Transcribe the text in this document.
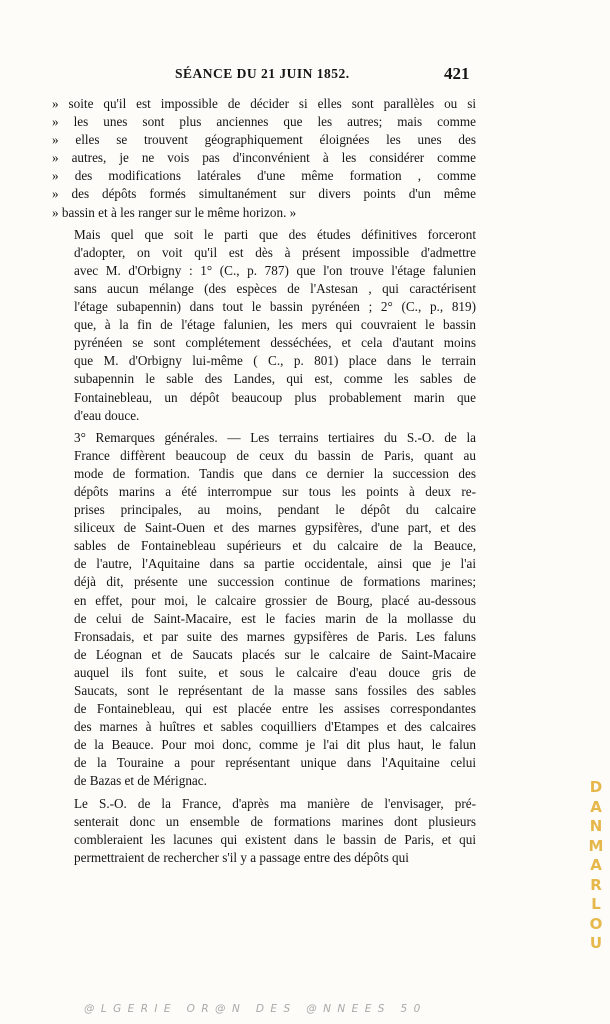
SÉANCE DU 21 JUIN 1852.	421

» soite qu'il est impossible de décider si elles sont parallèles ou si
» les unes sont plus anciennes que les autres; mais comme
» elles se trouvent géographiquement éloignées les unes des
» autres, je ne vois pas d'inconvénient à les considérer comme
» des modifications latérales d'une même formation , comme
» des dépôts formés simultanément sur divers points d'un même
» bassin et à les ranger sur le même horizon. »

Mais quel que soit le parti que des études définitives forceront
d'adopter, on voit qu'il est dès à présent impossible d'admettre
avec M. d'Orbigny : 1° (C., p. 787) que l'on trouve l'étage falunien
sans aucun mélange (des espèces de l'Astesan , qui caractérisent
l'étage subapennin) dans tout le bassin pyrénéen ; 2° (C., p., 819)
que, à la fin de l'étage falunien, les mers qui couvraient le bassin
pyrénéen se sont complétement desséchées, et cela d'autant moins
que M. d'Orbigny lui-même ( C., p. 801) place dans le terrain
subapennin le sable des Landes, qui est, comme les sables de
Fontainebleau, un dépôt beaucoup plus probablement marin que
d'eau douce.

3° Remarques générales. — Les terrains tertiaires du S.-O. de la
France diffèrent beaucoup de ceux du bassin de Paris, quant au
mode de formation. Tandis que dans ce dernier la succession des
dépôts marins a été interrompue sur tous les points à deux re-
prises principales, au moins, pendant le dépôt du calcaire
siliceux de Saint-Ouen et des marnes gypsifères, d'une part, et des
sables de Fontainebleau supérieurs et du calcaire de la Beauce,
de l'autre, l'Aquitaine dans sa partie occidentale, ainsi que je l'ai
déjà dit, présente une succession continue de formations marines;
en effet, pour moi, le calcaire grossier de Bourg, placé au-dessous
de celui de Saint-Macaire, est le facies marin de la mollasse du
Fronsadais, et par suite des marnes gypsifères de Paris. Les faluns
de Léognan et de Saucats placés sur le calcaire de Saint-Macaire
auquel ils font suite, et sous le calcaire d'eau douce gris de
Saucats, sont le représentant de la masse sans fossiles des sables
de Fontainebleau, qui est placée entre les assises correspondantes
des marnes à huîtres et sables coquilliers d'Etampes et des calcaires
de la Beauce. Pour moi donc, comme je l'ai dit plus haut, le falun
de la Touraine a pour représentant unique dans l'Aquitaine celui
de Bazas et de Mérignac.

Le S.-O. de la France, d'après ma manière de l'envisager, pré-
senterait donc un ensemble de formations marines dont plusieurs
combleraient les lacunes qui existent dans le bassin de Paris, et qui
permettraient de rechercher s'il y a passage entre des dépôts qui

D
A
N
M
A
R
L
O
U
@LGERIE OR@N DES @NNEES 50
